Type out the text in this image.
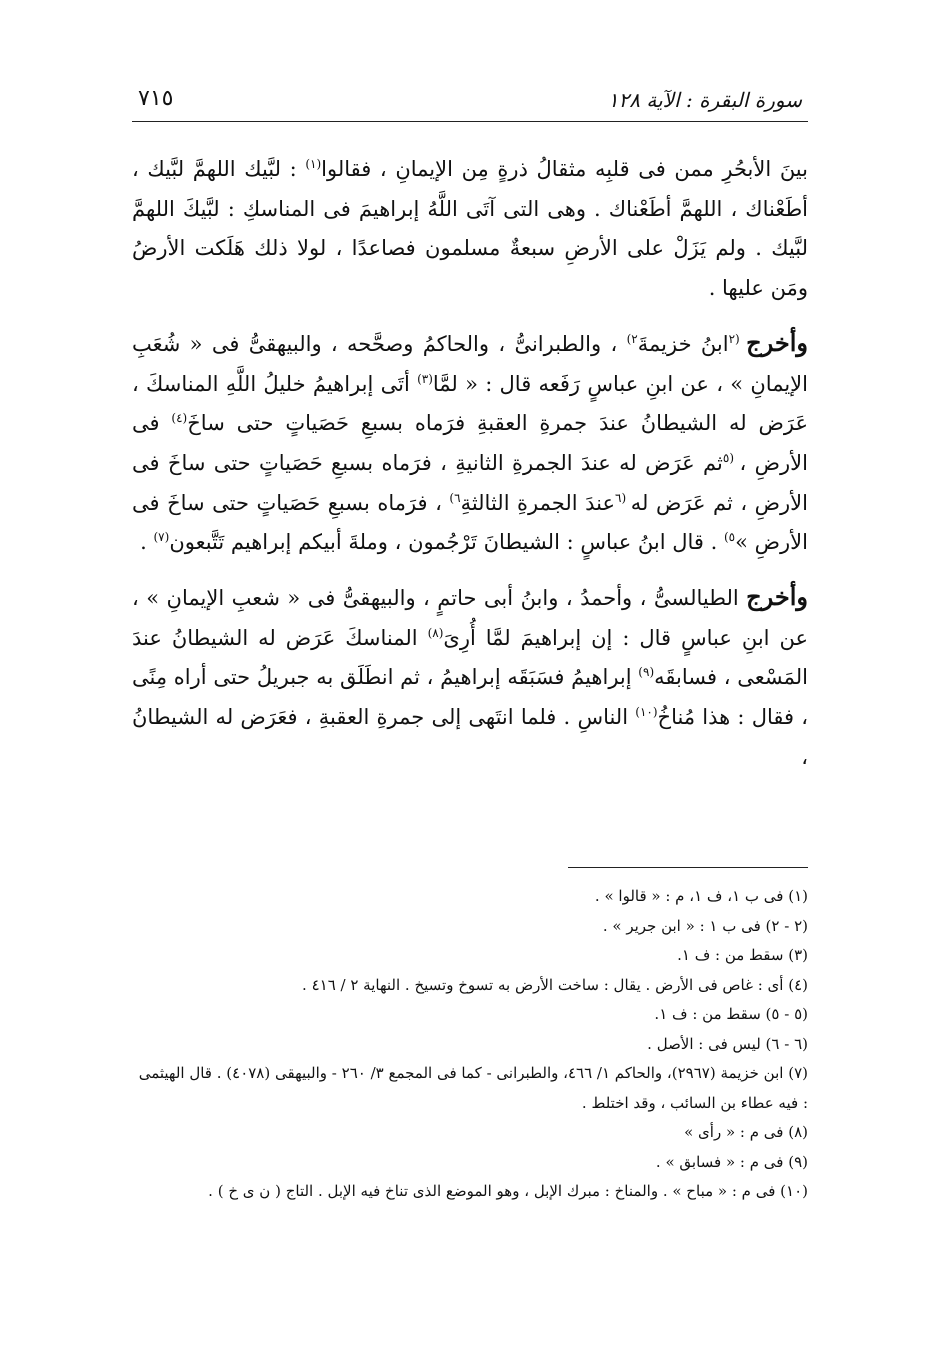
سورة البقرة : الآية ١٢٨
٧١٥

بينَ الأبحُرِ ممن فى قلبِه مثقالُ ذرةٍ مِن الإيمانِ ، فقالوا$^{(١)}$ : لبَّيك اللهمَّ لبَّيك ، أطَعْناك ، اللهمَّ أطَعْناك . وهى التى آتَى اللَّهُ إبراهيمَ فى المناسكِ : لبَّيكَ اللهمَّ لبَّيك . ولم يَزَلْ على الأرضِ سبعةٌ مسلمون فصاعدًا ، لولا ذلك هَلَكت الأرضُ ومَن عليها .

وأخرج $^{(٢}$ابنُ خزيمةَ$^{٢)}$ ، والطبرانىُّ ، والحاكمُ وصحَّحه ، والبيهقىُّ فى « شُعَبِ الإيمانِ » ، عن ابنِ عباسٍ رَفَعه قال : « لمَّا$^{(٣)}$ أتَى إبراهيمُ خليلُ اللَّهِ المناسكَ ، عَرَض له الشيطانُ عندَ جمرةِ العقبةِ فرَماه بسبعِ حَصَياتٍ حتى ساخَ$^{(٤)}$ فى الأرضِ ، $^{(٥}$ثم عَرَض له عندَ الجمرةِ الثانيةِ ، فرَماه بسبعِ حَصَياتٍ حتى ساخَ فى الأرضِ ، ثم عَرَض له $^{(٦}$عندَ الجمرةِ الثالثةِ$^{٦)}$ ، فرَماه بسبعِ حَصَياتٍ حتى ساخَ فى الأرضِ »$^{٥)}$ . قال ابنُ عباسٍ : الشيطانَ تَرْجُمون ، وملةَ أبيكم إبراهيم تَتَّبعون$^{(٧)}$ .

وأخرج الطيالسىُّ ، وأحمدُ ، وابنُ أبى حاتمٍ ، والبيهقىُّ فى « شعبِ الإيمانِ » ، عن ابنِ عباسٍ قال : إن إبراهيمَ لمَّا أُرِىَ$^{(٨)}$ المناسكَ عَرَض له الشيطانُ عندَ المَسْعى ، فسابقَه$^{(٩)}$ إبراهيمُ فسَبَقَه إبراهيمُ ، ثم انطَلَق به جبريلُ حتى أراه مِنًى ، فقال : هذا مُناخُ$^{(١٠)}$ الناسِ . فلما انتَهى إلى جمرةِ العقبةِ ، فعَرَض له الشيطانُ ،

(١) فى ب ١، ف ١، م : « قالوا » .

(٢ - ٢) فى ب ١ : « ابن جرير » .

(٣) سقط من : ف ١.

(٤) أى : غاص فى الأرض . يقال : ساخت الأرض به تسوخ وتسيخ . النهاية ٢ / ٤١٦ .

(٥ - ٥) سقط من : ف ١.

(٦ - ٦) ليس فى : الأصل .

(٧) ابن خزيمة (٢٩٦٧)، والحاكم ١/ ٤٦٦، والطبرانى - كما فى المجمع ٣/ ٢٦٠ - والبيهقى (٤٠٧٨) . قال الهيثمى : فيه عطاء بن السائب ، وقد اختلط .

(٨) فى م : « رأى »

(٩) فى م : « فسابق » .

(١٠) فى م : « مباح » . والمناخ : مبرك الإبل ، وهو الموضع الذى تناخ فيه الإبل . التاج ( ن ى خ ) .
